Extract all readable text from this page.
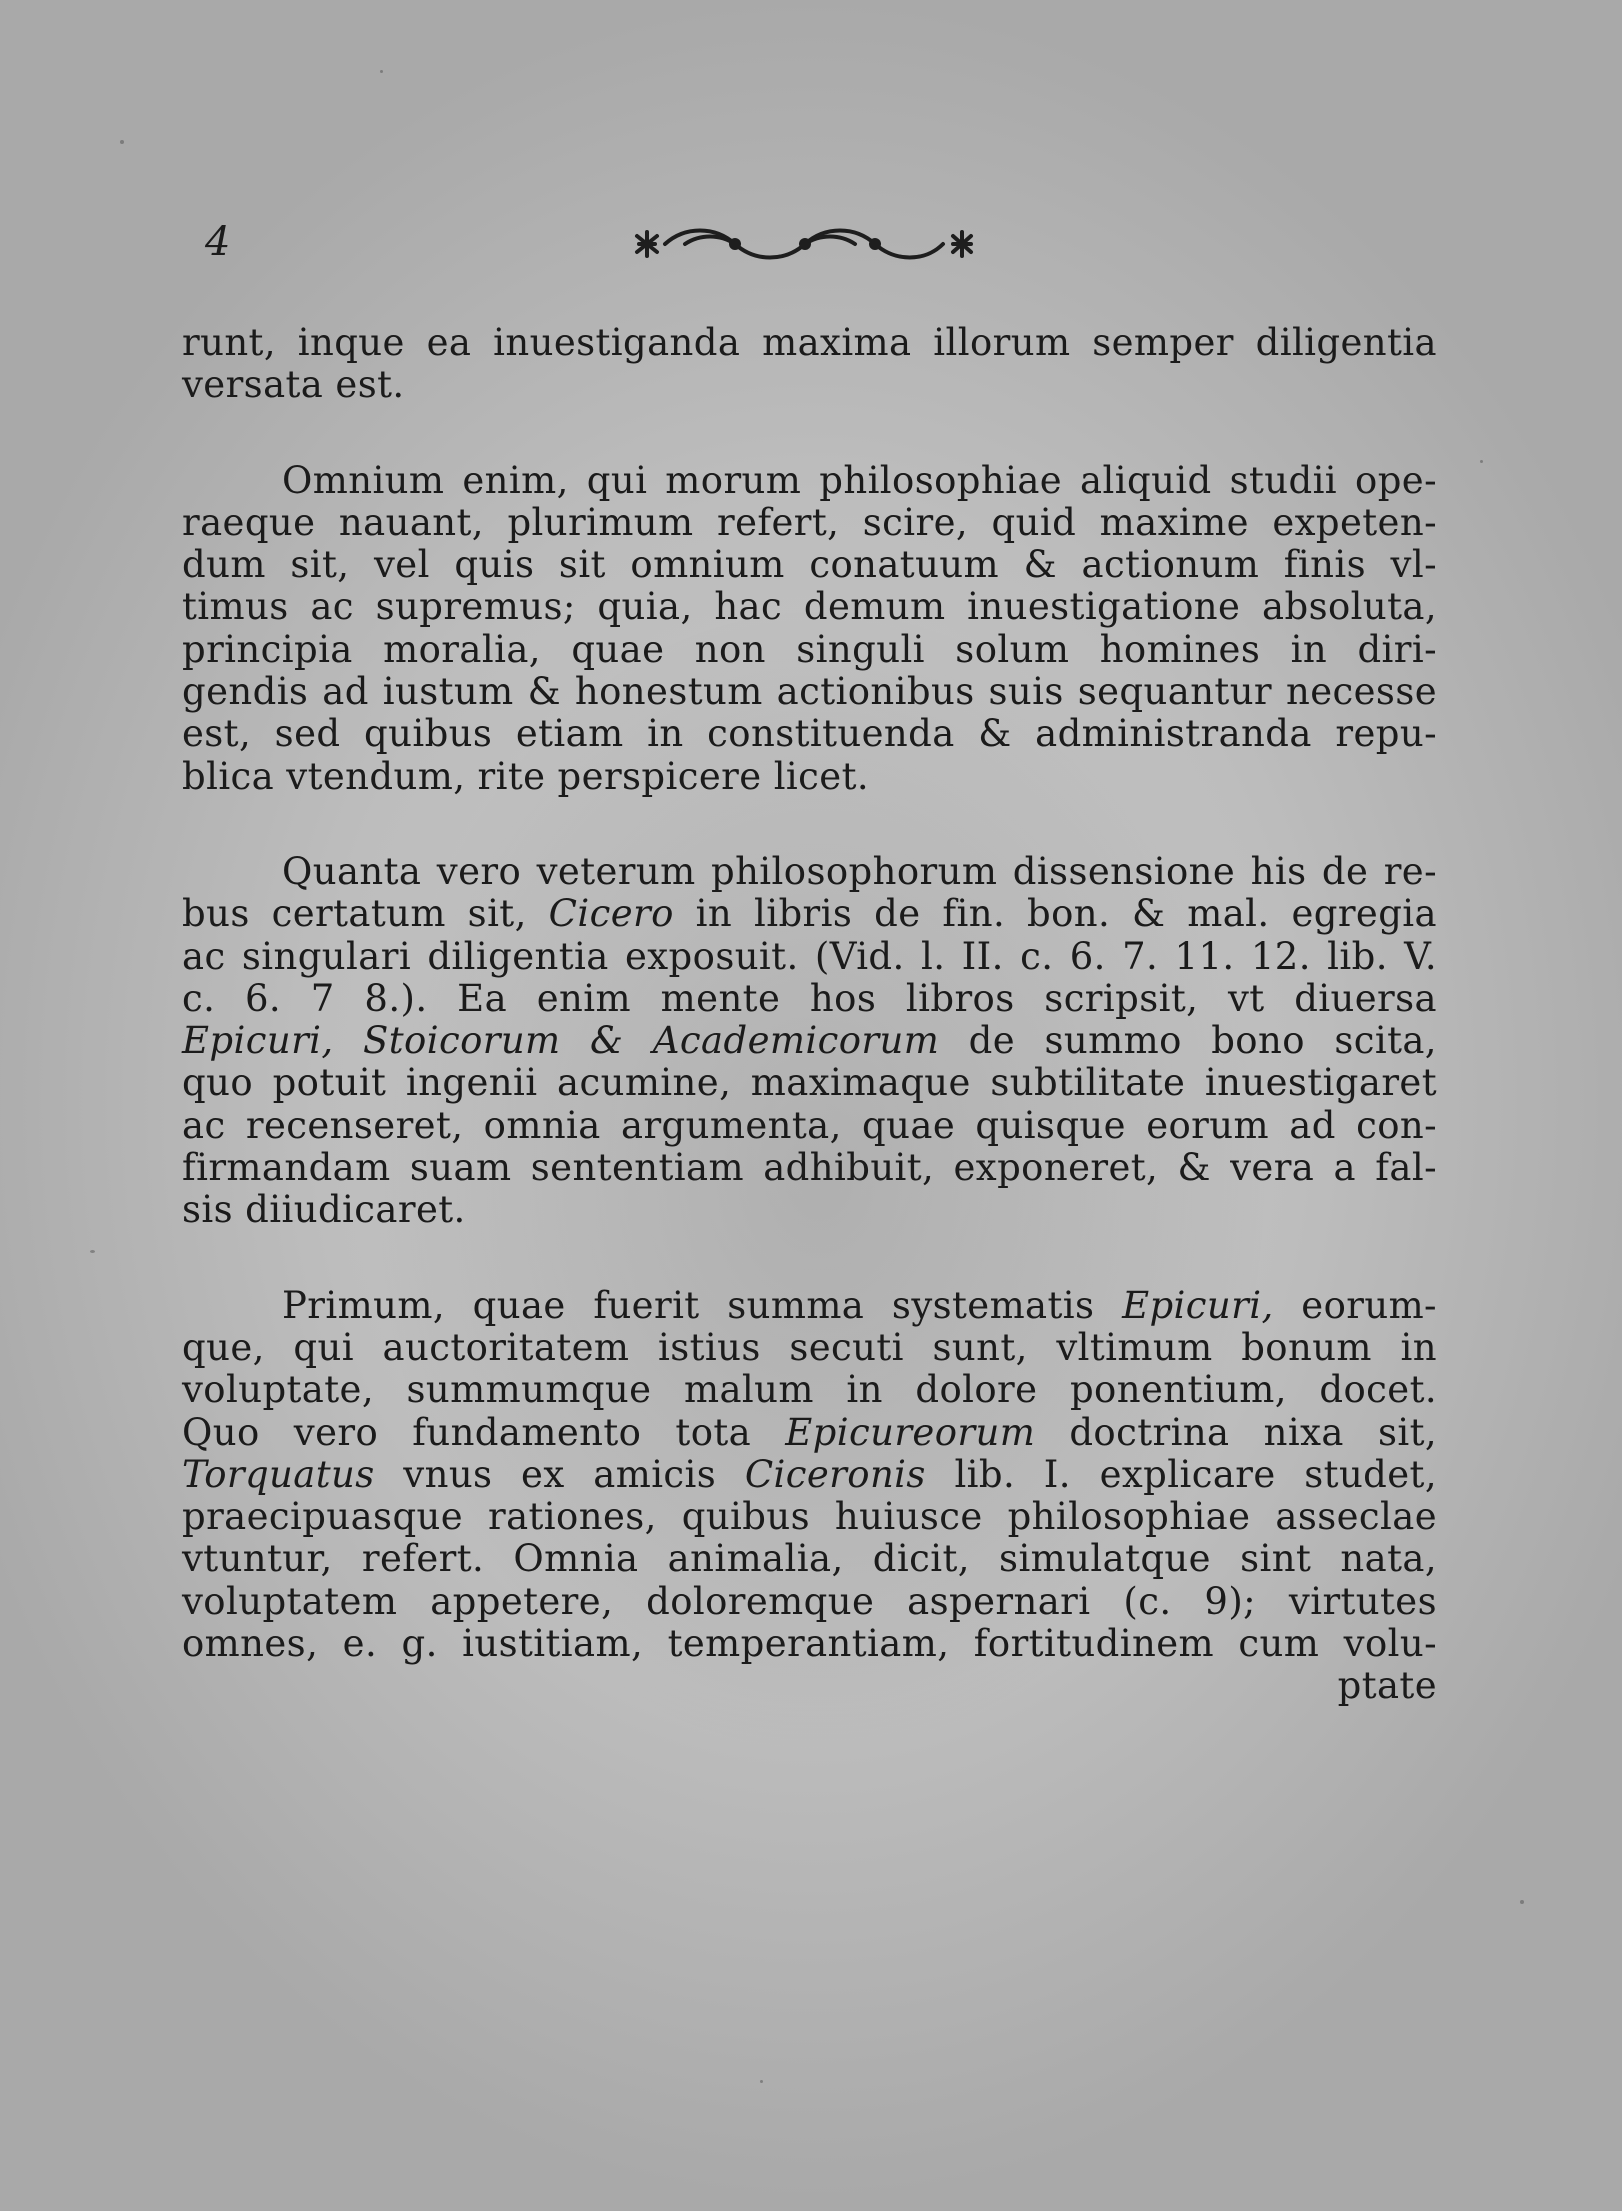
4
runt, inque ea inuestiganda maxima illorum semper diligentia
versata est.
Omnium enim, qui morum philosophiae aliquid studii ope-
raeque nauant, plurimum refert, scire, quid maxime expeten-
dum sit, vel quis sit omnium conatuum & actionum finis vl-
timus ac supremus; quia, hac demum inuestigatione absoluta,
principia moralia, quae non singuli solum homines in diri-
gendis ad iustum & honestum actionibus suis sequantur necesse
est, sed quibus etiam in constituenda & administranda repu-
blica vtendum, rite perspicere licet.
Quanta vero veterum philosophorum dissensione his de re-
bus certatum sit, Cicero in libris de fin. bon. & mal. egregia
ac singulari diligentia exposuit. (Vid. l. II. c. 6. 7. 11. 12. lib. V.
c. 6. 7 8.). Ea enim mente hos libros scripsit, vt diuersa
Epicuri, Stoicorum & Academicorum de summo bono scita,
quo potuit ingenii acumine, maximaque subtilitate inuestigaret
ac recenseret, omnia argumenta, quae quisque eorum ad con-
firmandam suam sententiam adhibuit, exponeret, & vera a fal-
sis diiudicaret.
Primum, quae fuerit summa systematis Epicuri, eorum-
que, qui auctoritatem istius secuti sunt, vltimum bonum in
voluptate, summumque malum in dolore ponentium, docet.
Quo vero fundamento tota Epicureorum doctrina nixa sit,
Torquatus vnus ex amicis Ciceronis lib. I. explicare studet,
praecipuasque rationes, quibus huiusce philosophiae asseclae
vtuntur, refert. Omnia animalia, dicit, simulatque sint nata,
voluptatem appetere, doloremque aspernari (c. 9); virtutes
omnes, e. g. iustitiam, temperantiam, fortitudinem cum volu-
ptate
